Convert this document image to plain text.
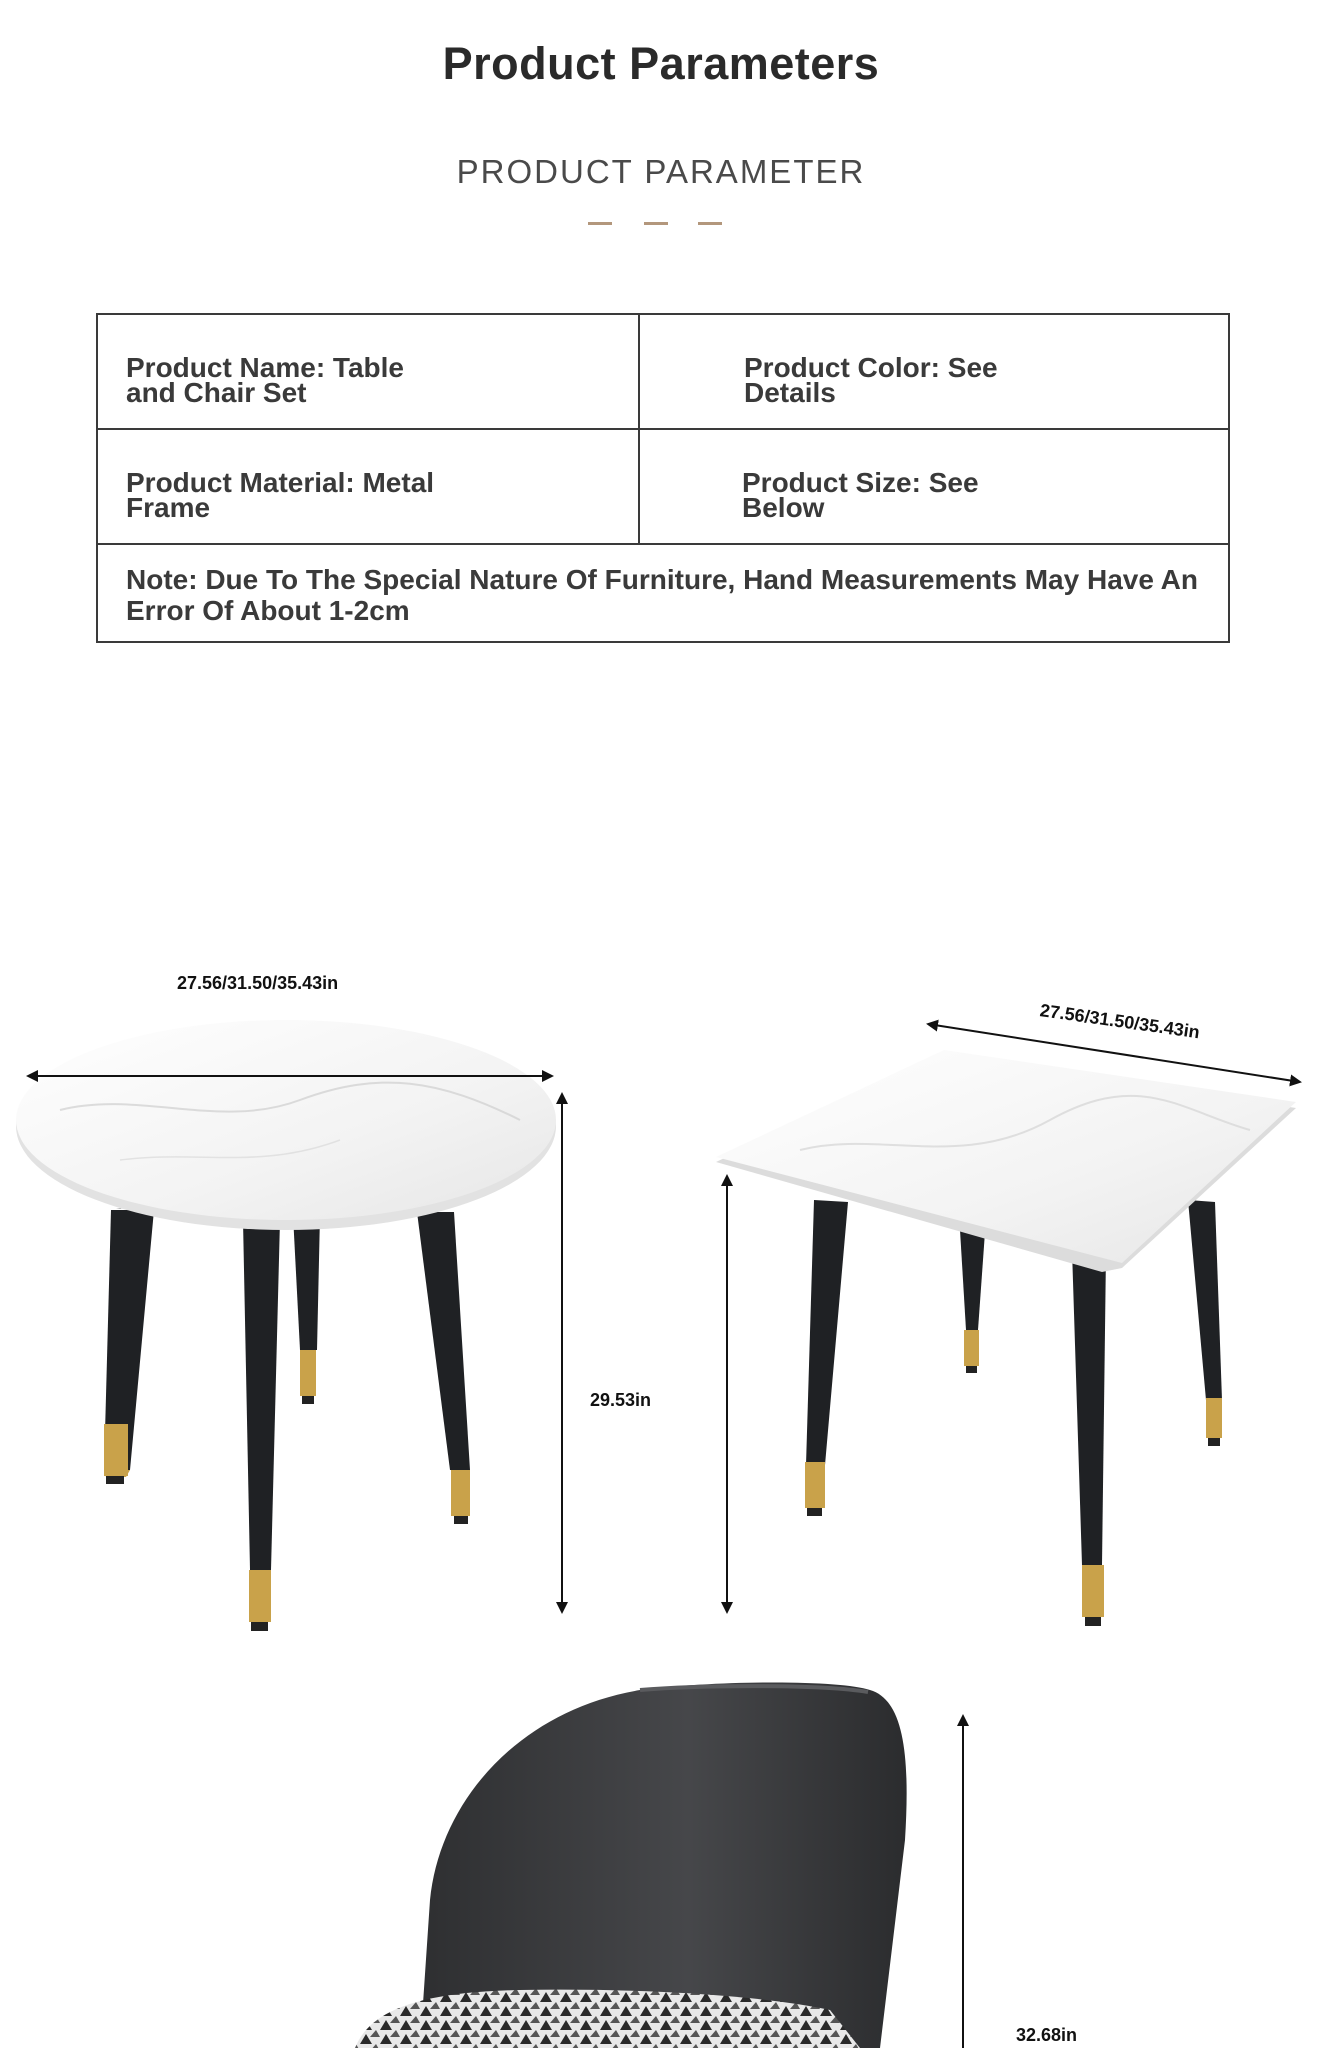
Product Parameters
PRODUCT PARAMETER
Product Name: Table and Chair Set
Product Color: See Details
Product Material: Metal Frame
Product Size: See Below
Note: Due To The Special Nature Of Furniture, Hand Measurements May Have An Error Of About 1-2cm
27.56/31.50/35.43in
29.53in
27.56/31.50/35.43in
32.68in
